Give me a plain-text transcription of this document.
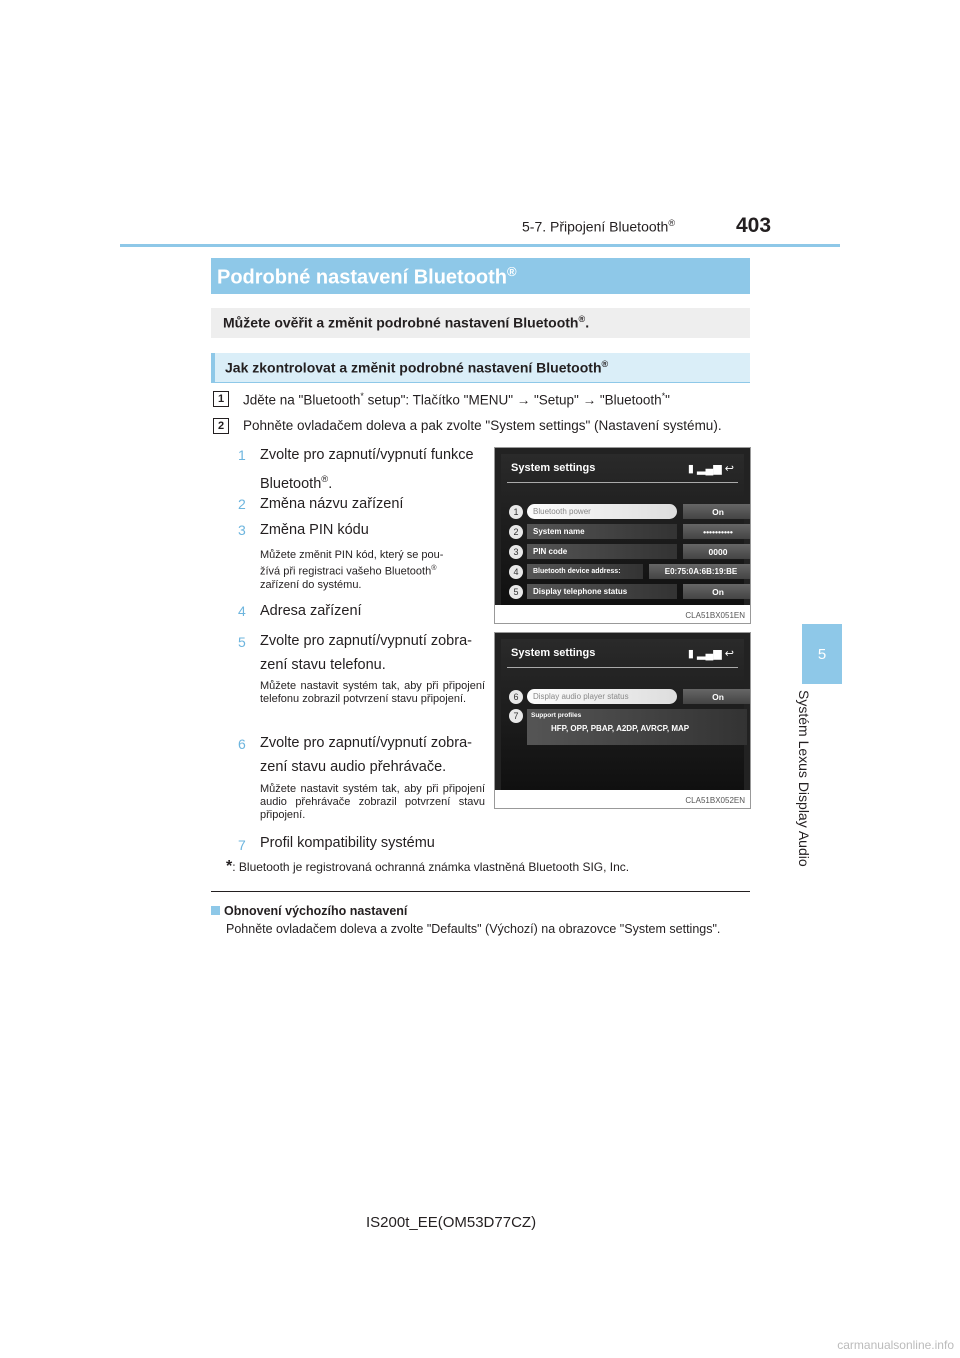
5-7. Připojení Bluetooth®	403
5
Systém Lexus Display Audio
Podrobné nastavení Bluetooth®
Můžete ověřit a změnit podrobné nastavení Bluetooth®.
Jak zkontrolovat a změnit podrobné nastavení Bluetooth®
1	Jděte na "Bluetooth* setup": Tlačítko "MENU" → "Setup" → "Bluetooth*"
2	Pohněte ovladačem doleva a pak zvolte "System settings" (Nastavení systému).
1 Zvolte pro zapnutí/vypnutí funkce
Bluetooth®.
2 Změna názvu zařízení
3 Změna PIN kódu
Můžete změnit PIN kód, který se pou-
žívá při registraci vašeho Bluetooth®
zařízení do systému.
4 Adresa zařízení
5 Zvolte pro zapnutí/vypnutí zobra-
zení stavu telefonu.
Můžete nastavit systém tak, aby při připojení telefonu zobrazil potvrzení stavu připojení.
6 Zvolte pro zapnutí/vypnutí zobra-
zení stavu audio přehrávače.
Můžete nastavit systém tak, aby při připojení audio přehrávače zobrazil potvrzení stavu připojení.
7 Profil kompatibility systému
System settings	▮ ▂▄▆ ↩
1	Bluetooth power	On
2	System name	••••••••••
3	PIN code	0000
4	Bluetooth device address:	E0:75:0A:6B:19:BE
5	Display telephone status	On
CLA51BX051EN
System settings	▮ ▂▄▆ ↩
6	Display audio player status	On
7	Support profiles
HFP, OPP, PBAP, A2DP, AVRCP, MAP
CLA51BX052EN
*: Bluetooth je registrovaná ochranná známka vlastněná Bluetooth SIG, Inc.
Obnovení výchozího nastavení
Pohněte ovladačem doleva a zvolte "Defaults" (Výchozí) na obrazovce "System settings".
IS200t_EE(OM53D77CZ)
carmanualsonline.info
